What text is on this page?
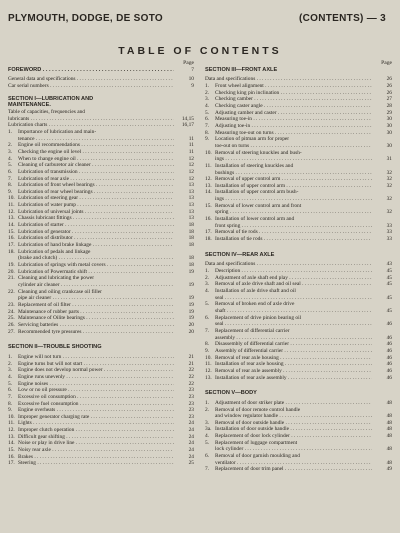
PLYMOUTH, DODGE, DE SOTO	(CONTENTS) — 3
TABLE OF CONTENTS
Page
FOREWORD . . .	7
General data and specifications . . .	10
Car serial numbers . . .	9
SECTION I—LUBRICATION AND
MAINTENANCE.
Table of capacities, frequencies and
lubricants . . .	14,15
Lubrication charts . . .	16,17
1.	Importance of lubrication and main-
tenance . . .	11
2.	Engine oil recommendations . . .	11
3.	Checking the engine oil level . . .	11
4.	When to change engine oil . . .	12
5.	Cleaning of carburetor air cleaner . . .	12
6.	Lubrication of transmission . . .	12
7.	Lubrication of rear axle . . .	12
8.	Lubrication of front wheel bearings . . .	13
9.	Lubrication of rear wheel bearings . . .	13
10. Lubrication of steering gear . . .	13
11. Lubrication of water pump . . .	13
12. Lubrication of universal joints . . .	13
13. Chassis lubricant fittings . . .	13
14. Lubrication of starter . . .	18
15. Lubrication of generator . . .	18
16. Lubrication of distributor . . .	18
17. Lubrication of hand brake linkage . . .	18
18. Lubrication of pedals and linkage
(brake and clutch) . . .	18
19. Lubrication of springs with metal covers . . .	18
20. Lubrication of Powermatic shift . . .	19
21. Cleaning and lubricating the power
cylinder air cleaner . . .	19
22. Cleaning and oiling crankcase oil filler
pipe air cleaner . . .	19
23. Replacement of oil filter . . .	19
24. Maintenance of rubber parts . . .	19
25. Maintenance of Oilite bearings . . .	19
26. Servicing batteries . . .	20
27. Recommended tyre pressures . . .	20
SECTION II—TROUBLE SHOOTING
1.	Engine will not turn . . .	21
2.	Engine turns but will not start . . .	21
3.	Engine does not develop normal power . . .	22
4.	Engine runs unevenly . . .	22
5.	Engine noises . . .	22
6.	Low or no oil pressure . . .	23
7.	Excessive oil consumption . . .	23
8.	Excessive fuel consumption . . .	23
9.	Engine overheats . . .	23
10. Improper generator charging rate . . .	23
11. Lights . . .	24
12. Improper clutch operation . . .	24
13. Difficult gear shifting . . .	24
14. Noise or play in drive line . . .	24
15. Noisy rear axle . . .	24
16. Brakes . . .	24
17. Steering . . .	25
Page
SECTION III—FRONT AXLE
Data and specifications . . .	26
1.	Front wheel alignment . . .	26
2.	Checking king pin inclination . . .	26
3.	Checking camber . . .	27
4.	Checking caster angle . . .	28
5.	Adjusting camber and caster . . .	29
6.	Measuring toe-in . . .	30
7.	Adjusting toe-in . . .	30
8.	Measuring toe-out on turns . . .	30
9.	Location of pitman arm for proper
toe-out on turns . . .	30
10. Removal of steering knuckles and bush-
ings . . .	31
11. Installation of steering knuckles and
bushings . . .	32
12. Removal of upper control arm . . .	32
13. Installation of upper control arm . . .	32
14. Installation of upper control arm bush-
ings . . .	32
15. Removal of lower control arm and front
spring . . .	32
16. Installation of lower control arm and
front spring . . .	33
17. Removal of tie rods . . .	33
18. Installation of tie rods . . .	33
SECTION IV—REAR AXLE
Data and specifications . . .	43
1.	Description . . .	45
2.	Adjustment of axle shaft end play . . .	45
3.	Removal of axle drive shaft and oil seal . . .	45
4.	Installation of axle drive shaft and oil
seal . . .	45
5.	Removal of broken end of axle drive
shaft . . .	45
6.	Replacement of drive pinion bearing oil
seal . . .	46
7.	Replacement of differential carrier
assembly . . .	46
8.	Disassembly of differential carrier . . .	46
9.	Assembly of differential carrier . . .	46
10. Removal of rear axle housing . . .	46
11. Installation of rear axle housing . . .	46
12. Removal of rear axle assembly . . .	46
13. Installation of rear axle assembly . . .	46
SECTION V—BODY
1.	Adjustment of door striker plate . . .	48
2.	Removal of door remote control handle
and window regulator handle . . .	48
3.	Removal of door outside handle . . .	48
3a. Installation of door outside handle . . .	48
4.	Replacement of door lock cylinder . . .	48
5.	Replacement of luggage compartment
lock cylinder . . .	48
6.	Removal of door garnish moulding and
ventilator . . .	48
7.	Replacement of door trim panel . . .	49
